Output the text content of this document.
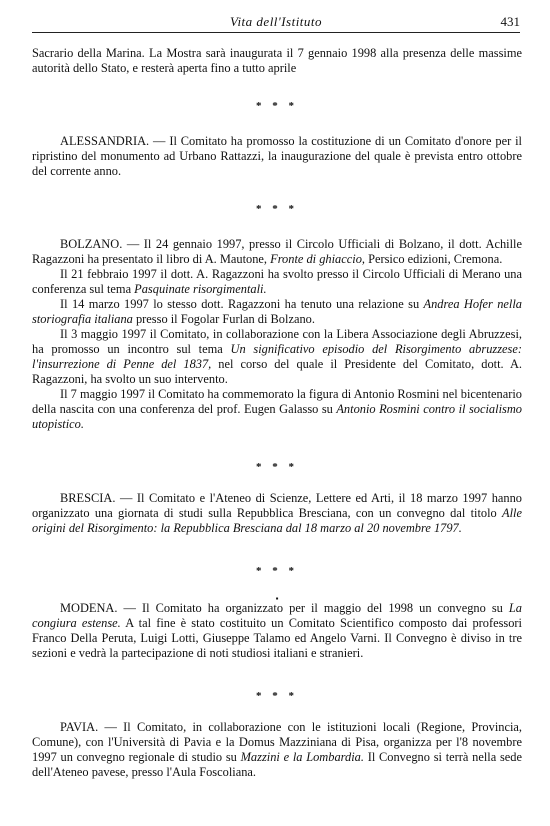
Vita dell'Istituto	431

Sacrario della Marina. La Mostra sarà inaugurata il 7 gennaio 1998 alla presenza delle massime autorità dello Stato, e resterà aperta fino a tutto aprile

* * *

ALESSANDRIA. — Il Comitato ha promosso la costituzione di un Comitato d'onore per il ripristino del monumento ad Urbano Rattazzi, la inaugurazione del quale è prevista entro ottobre del corrente anno.

* * *

BOLZANO. — Il 24 gennaio 1997, presso il Circolo Ufficiali di Bolzano, il dott. Achille Ragazzoni ha presentato il libro di A. Mautone, Fronte di ghiaccio, Persico edizioni, Cremona.

Il 21 febbraio 1997 il dott. A. Ragazzoni ha svolto presso il Circolo Ufficiali di Merano una conferenza sul tema Pasquinate risorgimentali.

Il 14 marzo 1997 lo stesso dott. Ragazzoni ha tenuto una relazione su Andrea Hofer nella storiografia italiana presso il Fogolar Furlan di Bolzano.

Il 3 maggio 1997 il Comitato, in collaborazione con la Libera Associazione degli Abruzzesi, ha promosso un incontro sul tema Un significativo episodio del Risorgimento abruzzese: l'insurrezione di Penne del 1837, nel corso del quale il Presidente del Comitato, dott. A. Ragazzoni, ha svolto un suo intervento.

Il 7 maggio 1997 il Comitato ha commemorato la figura di Antonio Rosmini nel bicentenario della nascita con una conferenza del prof. Eugen Galasso su Antonio Rosmini contro il socialismo utopistico.

* * *

BRESCIA. — Il Comitato e l'Ateneo di Scienze, Lettere ed Arti, il 18 marzo 1997 hanno organizzato una giornata di studi sulla Repubblica Bresciana, con un convegno dal titolo Alle origini del Risorgimento: la Repubblica Bresciana dal 18 marzo al 20 novembre 1797.

* * *
▪

MODENA. — Il Comitato ha organizzato per il maggio del 1998 un convegno su La congiura estense. A tal fine è stato costituito un Comitato Scientifico composto dai professori Franco Della Peruta, Luigi Lotti, Giuseppe Talamo ed Angelo Varni. Il Convegno è diviso in tre sezioni e vedrà la partecipazione di noti studiosi italiani e stranieri.

* * *

PAVIA. — Il Comitato, in collaborazione con le istituzioni locali (Regione, Provincia, Comune), con l'Università di Pavia e la Domus Mazziniana di Pisa, organizza per l'8 novembre 1997 un convegno regionale di studio su Mazzini e la Lombardia. Il Convegno si terrà nella sede dell'Ateneo pavese, presso l'Aula Foscoliana.
